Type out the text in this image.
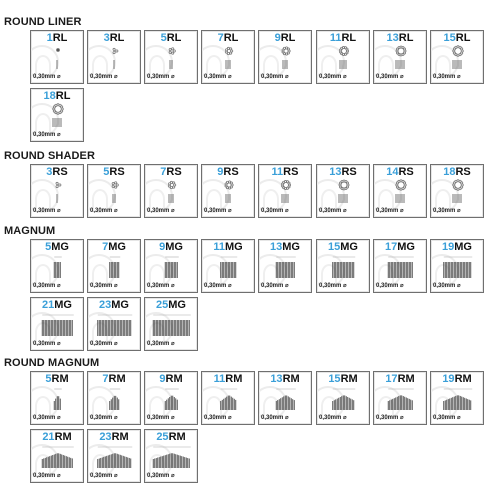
ROUND LINER
1RL
0,30mm ⌀
3RL
0,30mm ⌀
5RL
0,30mm ⌀
7RL
0,30mm ⌀
9RL
0,30mm ⌀
11RL
0,30mm ⌀
13RL
0,30mm ⌀
15RL
0,30mm ⌀
18RL
0,30mm ⌀
ROUND SHADER
3RS
0,30mm ⌀
5RS
0,30mm ⌀
7RS
0,30mm ⌀
9RS
0,30mm ⌀
11RS
0,30mm ⌀
13RS
0,30mm ⌀
14RS
0,30mm ⌀
18RS
0,30mm ⌀
MAGNUM
5MG
0,30mm ⌀
7MG
0,30mm ⌀
9MG
0,30mm ⌀
11MG
0,30mm ⌀
13MG
0,30mm ⌀
15MG
0,30mm ⌀
17MG
0,30mm ⌀
19MG
0,30mm ⌀
21MG
0,30mm ⌀
23MG
0,30mm ⌀
25MG
0,30mm ⌀
ROUND MAGNUM
5RM
0,30mm ⌀
7RM
0,30mm ⌀
9RM
0,30mm ⌀
11RM
0,30mm ⌀
13RM
0,30mm ⌀
15RM
0,30mm ⌀
17RM
0,30mm ⌀
19RM
0,30mm ⌀
21RM
0,30mm ⌀
23RM
0,30mm ⌀
25RM
0,30mm ⌀
